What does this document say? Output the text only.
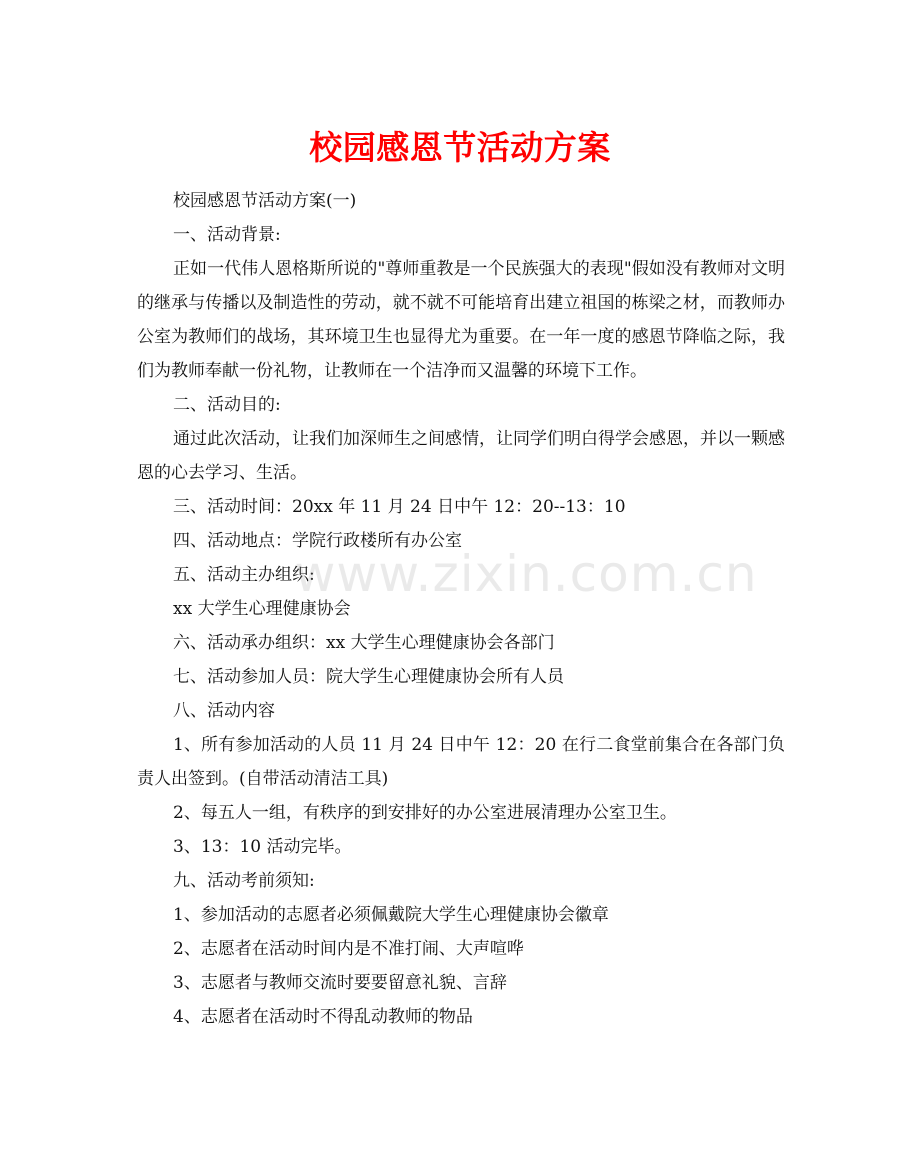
校园感恩节活动方案

校园感恩节活动方案(一)

一、活动背景:

正如一代伟人恩格斯所说的"尊师重教是一个民族强大的表现"假如没有教师对文明的继承与传播以及制造性的劳动，就不就不可能培育出建立祖国的栋梁之材，而教师办公室为教师们的战场，其环境卫生也显得尤为重要。在一年一度的感恩节降临之际，我们为教师奉献一份礼物，让教师在一个洁净而又温馨的环境下工作。

二、活动目的:

通过此次活动，让我们加深师生之间感情，让同学们明白得学会感恩，并以一颗感恩的心去学习、生活。

三、活动时间：20xx 年 11 月 24 日中午 12：20--13：10

四、活动地点：学院行政楼所有办公室

五、活动主办组织:

xx 大学生心理健康协会

六、活动承办组织：xx 大学生心理健康协会各部门

七、活动参加人员：院大学生心理健康协会所有人员

八、活动内容

1、所有参加活动的人员 11 月 24 日中午 12：20 在行二食堂前集合在各部门负责人出签到。(自带活动清洁工具)

2、每五人一组，有秩序的到安排好的办公室进展清理办公室卫生。

3、13：10 活动完毕。

九、活动考前须知:

1、参加活动的志愿者必须佩戴院大学生心理健康协会徽章

2、志愿者在活动时间内是不准打闹、大声喧哗

3、志愿者与教师交流时要要留意礼貌、言辞

4、志愿者在活动时不得乱动教师的物品

www.zixin.com.cn
